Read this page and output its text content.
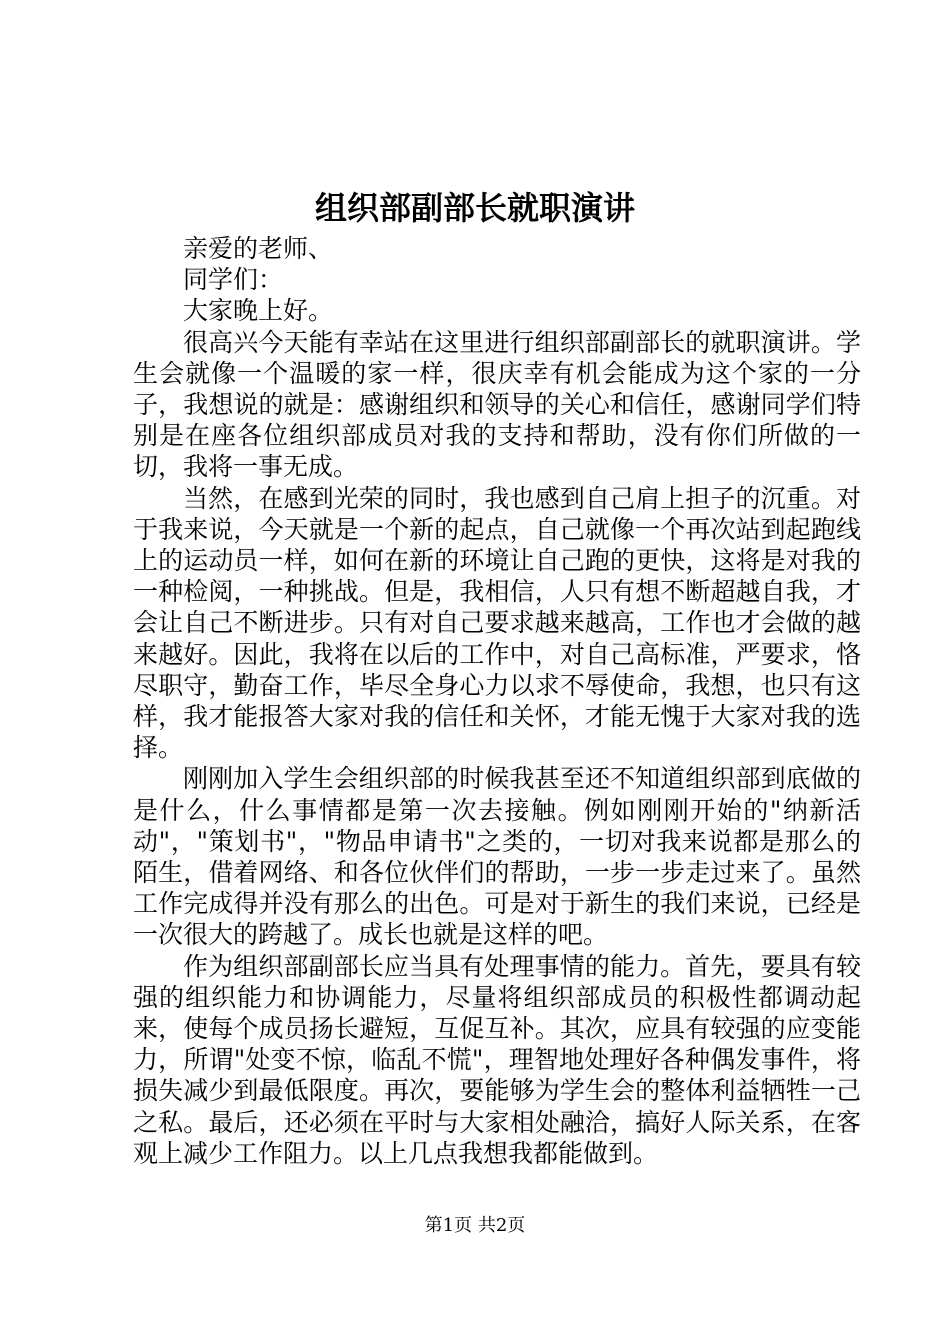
组织部副部长就职演讲

亲爱的老师、

同学们：

大家晚上好。

很高兴今天能有幸站在这里进行组织部副部长的就职演讲。学生会就像一个温暖的家一样，很庆幸有机会能成为这个家的一分子，我想说的就是：感谢组织和领导的关心和信任，感谢同学们特别是在座各位组织部成员对我的支持和帮助，没有你们所做的一切，我将一事无成。

当然，在感到光荣的同时，我也感到自己肩上担子的沉重。对于我来说，今天就是一个新的起点，自己就像一个再次站到起跑线上的运动员一样，如何在新的环境让自己跑的更快，这将是对我的一种检阅，一种挑战。但是，我相信，人只有想不断超越自我，才会让自己不断进步。只有对自己要求越来越高，工作也才会做的越来越好。因此，我将在以后的工作中，对自己高标准，严要求，恪尽职守，勤奋工作，毕尽全身心力以求不辱使命，我想，也只有这样，我才能报答大家对我的信任和关怀，才能无愧于大家对我的选择。

刚刚加入学生会组织部的时候我甚至还不知道组织部到底做的是什么，什么事情都是第一次去接触。例如刚刚开始的"纳新活动"，"策划书"，"物品申请书"之类的，一切对我来说都是那么的陌生，借着网络、和各位伙伴们的帮助，一步一步走过来了。虽然工作完成得并没有那么的出色。可是对于新生的我们来说，已经是一次很大的跨越了。成长也就是这样的吧。

作为组织部副部长应当具有处理事情的能力。首先，要具有较强的组织能力和协调能力，尽量将组织部成员的积极性都调动起来，使每个成员扬长避短，互促互补。其次，应具有较强的应变能力，所谓"处变不惊，临乱不慌"，理智地处理好各种偶发事件，将损失减少到最低限度。再次，要能够为学生会的整体利益牺牲一己之私。最后，还必须在平时与大家相处融洽，搞好人际关系，在客观上减少工作阻力。以上几点我想我都能做到。

第1页 共2页
